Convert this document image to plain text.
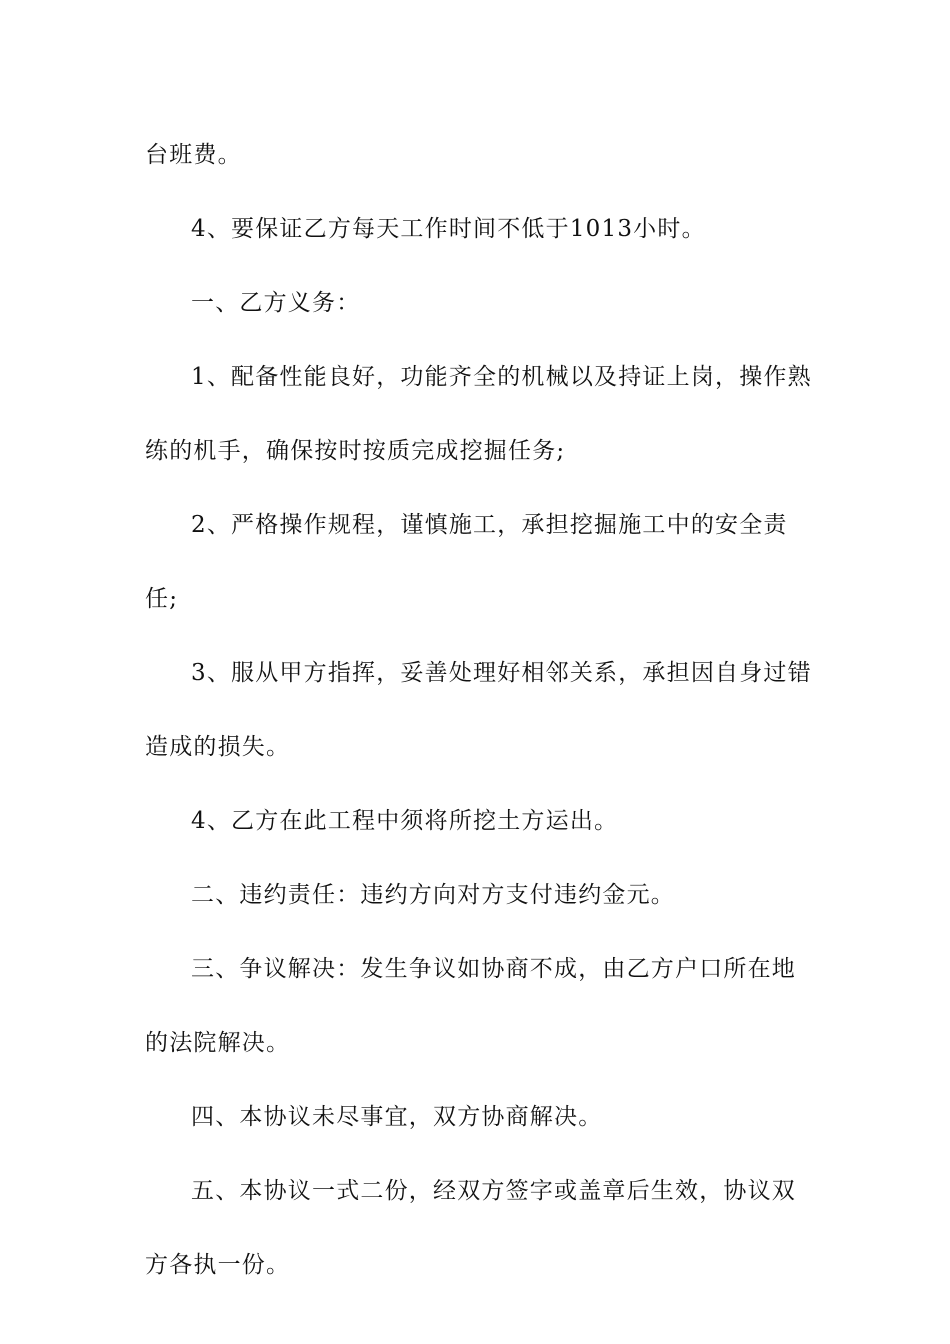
台班费。

4、要保证乙方每天工作时间不低于1013小时。

一、乙方义务：

1、配备性能良好，功能齐全的机械以及持证上岗，操作熟练的机手，确保按时按质完成挖掘任务;

2、严格操作规程，谨慎施工，承担挖掘施工中的安全责任;

3、服从甲方指挥，妥善处理好相邻关系，承担因自身过错造成的损失。

4、乙方在此工程中须将所挖土方运出。

二、违约责任：违约方向对方支付违约金元。

三、争议解决：发生争议如协商不成，由乙方户口所在地的法院解决。

四、本协议未尽事宜，双方协商解决。

五、本协议一式二份，经双方签字或盖章后生效，协议双方各执一份。
